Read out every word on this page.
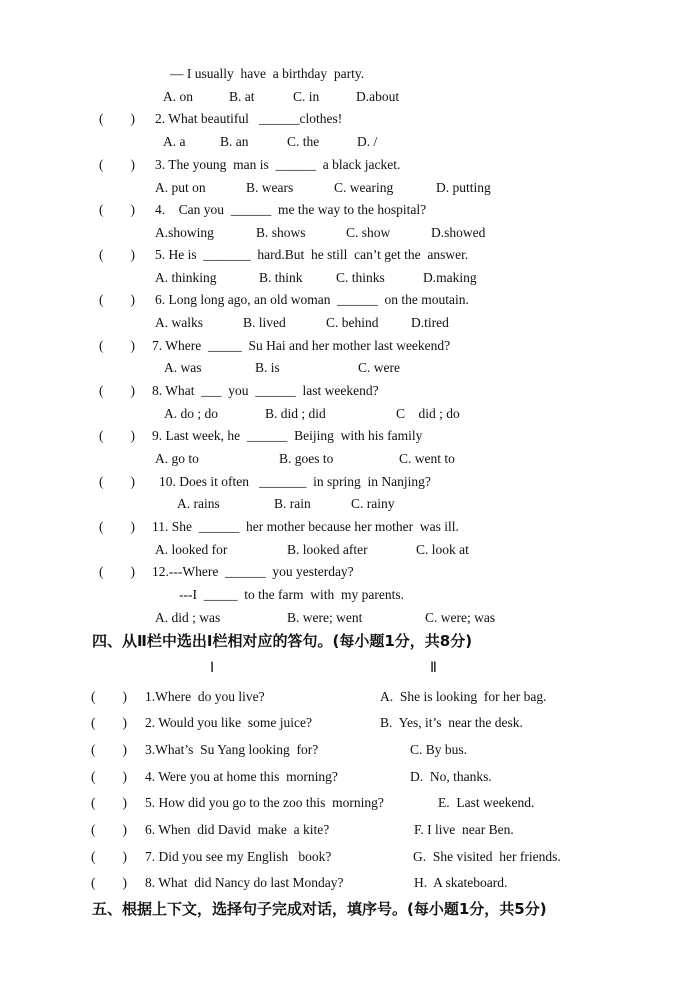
— I usually  have  a birthday  party.
A. on	B. at	C. in	D.about
(        ) 2. What beautiful   ______clothes!
A. a	B. an	C. the	D. /
(        ) 3. The young  man is  ______  a black jacket.
A. put on	B. wears	C. wearing	D. putting
(        ) 4.    Can you  ______  me the way to the hospital?
A.showing	B. shows	C. show	D.showed
(        ) 5. He is  _______  hard.But  he still  can’t get the  answer.
A. thinking	B. think C. thinks	D.making
(        ) 6. Long long ago, an old woman  ______  on the moutain.
A. walks	B. lived	C. behind D.tired
(        ) 7. Where  _____  Su Hai and her mother last weekend?
A. was	B. is	C. were
(        ) 8. What  ___  you  ______  last weekend?
A. do ; do	B. did ; did	C    did ; do
(        ) 9. Last week, he  ______  Beijing  with his family
A. go to	B. goes to	C. went to
(        ) 10. Does it often   _______  in spring  in Nanjing?
A. rains	B. rain	C. rainy
(        ) 11. She  ______  her mother because her mother  was ill.
A. looked for	B. looked after	C. look at
(        ) 12.---Where  ______  you yesterday?
---I  _____  to the farm  with  my parents.
A. did ; was	B. were; went	C. were; was
四、从Ⅱ栏中选出Ⅰ栏相对应的答句。(每小题1分，共8分)
Ⅰ	Ⅱ
(        ) 1.Where  do you live?	A.  She is looking  for her bag.
(        ) 2. Would you like  some juice?	B.  Yes, it’s  near the desk.
(        ) 3.What’s  Su Yang looking  for?	C. By bus.
(        ) 4. Were you at home this  morning?	D.  No, thanks.
(        ) 5. How did you go to the zoo this  morning?	E.  Last weekend.
(        ) 6. When  did David  make  a kite?	F. I live  near Ben.
(        ) 7. Did you see my English   book?	G.  She visited  her friends.
(        ) 8. What  did Nancy do last Monday?	H.  A skateboard.
五、根据上下文，选择句子完成对话，填序号。(每小题1分，共5分)
